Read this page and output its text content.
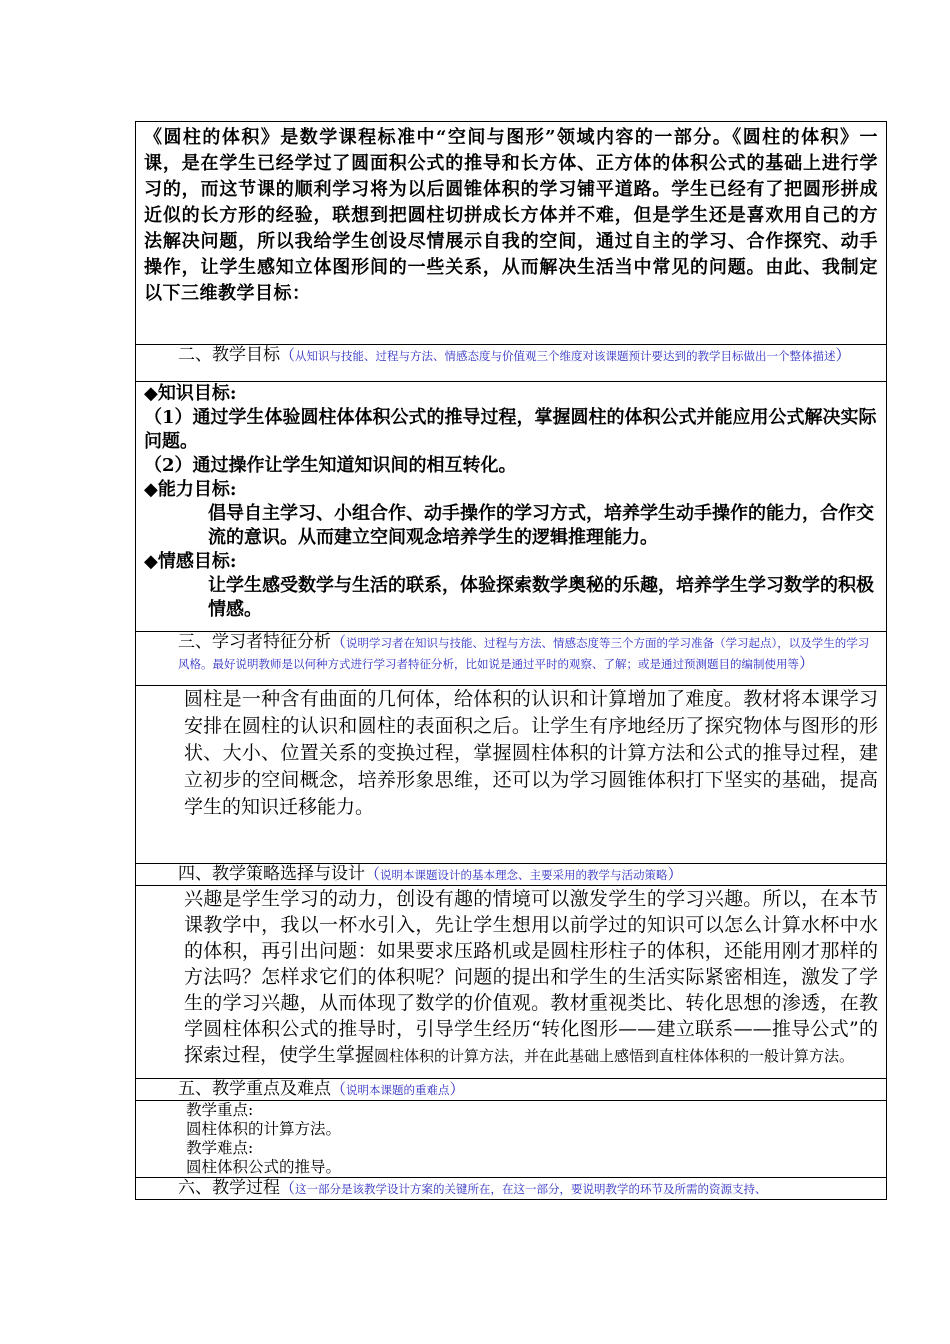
《圆柱的体积》是数学课程标准中“空间与图形”领域内容的一部分。《圆柱的体积》一课，是在学生已经学过了圆面积公式的推导和长方体、正方体的体积公式的基础上进行学习的，而这节课的顺利学习将为以后圆锥体积的学习铺平道路。学生已经有了把圆形拼成近似的长方形的经验，联想到把圆柱切拼成长方体并不难，但是学生还是喜欢用自己的方法解决问题，所以我给学生创设尽情展示自我的空间，通过自主的学习、合作探究、动手操作，让学生感知立体图形间的一些关系，从而解决生活当中常见的问题。由此、我制定以下三维教学目标：

二、教学目标（从知识与技能、过程与方法、情感态度与价值观三个维度对该课题预计要达到的教学目标做出一个整体描述）

◆知识目标:
（1）通过学生体验圆柱体体积公式的推导过程，掌握圆柱的体积公式并能应用公式解决实际问题。
（2）通过操作让学生知道知识间的相互转化。
◆能力目标:
倡导自主学习、小组合作、动手操作的学习方式，培养学生动手操作的能力，合作交流的意识。从而建立空间观念培养学生的逻辑推理能力。
◆情感目标:
让学生感受数学与生活的联系，体验探索数学奥秘的乐趣，培养学生学习数学的积极情感。

三、学习者特征分析（说明学习者在知识与技能、过程与方法、情感态度等三个方面的学习准备（学习起点），以及学生的学习风格。最好说明教师是以何种方式进行学习者特征分析，比如说是通过平时的观察、了解；或是通过预测题目的编制使用等）

圆柱是一种含有曲面的几何体，给体积的认识和计算增加了难度。教材将本课学习安排在圆柱的认识和圆柱的表面积之后。让学生有序地经历了探究物体与图形的形状、大小、位置关系的变换过程，掌握圆柱体积的计算方法和公式的推导过程，建立初步的空间概念，培养形象思维，还可以为学习圆锥体积打下坚实的基础，提高学生的知识迁移能力。

四、教学策略选择与设计（说明本课题设计的基本理念、主要采用的教学与活动策略）

兴趣是学生学习的动力，创设有趣的情境可以激发学生的学习兴趣。所以，在本节课教学中，我以一杯水引入，先让学生想用以前学过的知识可以怎么计算水杯中水的体积，再引出问题：如果要求压路机或是圆柱形柱子的体积，还能用刚才那样的方法吗？怎样求它们的体积呢？问题的提出和学生的生活实际紧密相连，激发了学生的学习兴趣，从而体现了数学的价值观。教材重视类比、转化思想的渗透，在教学圆柱体积公式的推导时，引导学生经历“转化图形——建立联系——推导公式”的探索过程，使学生掌握圆柱体积的计算方法，并在此基础上感悟到直柱体体积的一般计算方法。

五、教学重点及难点（说明本课题的重难点）

教学重点:
圆柱体积的计算方法。
教学难点:
圆柱体积公式的推导。

六、教学过程（这一部分是该教学设计方案的关键所在，在这一部分，要说明教学的环节及所需的资源支持、
